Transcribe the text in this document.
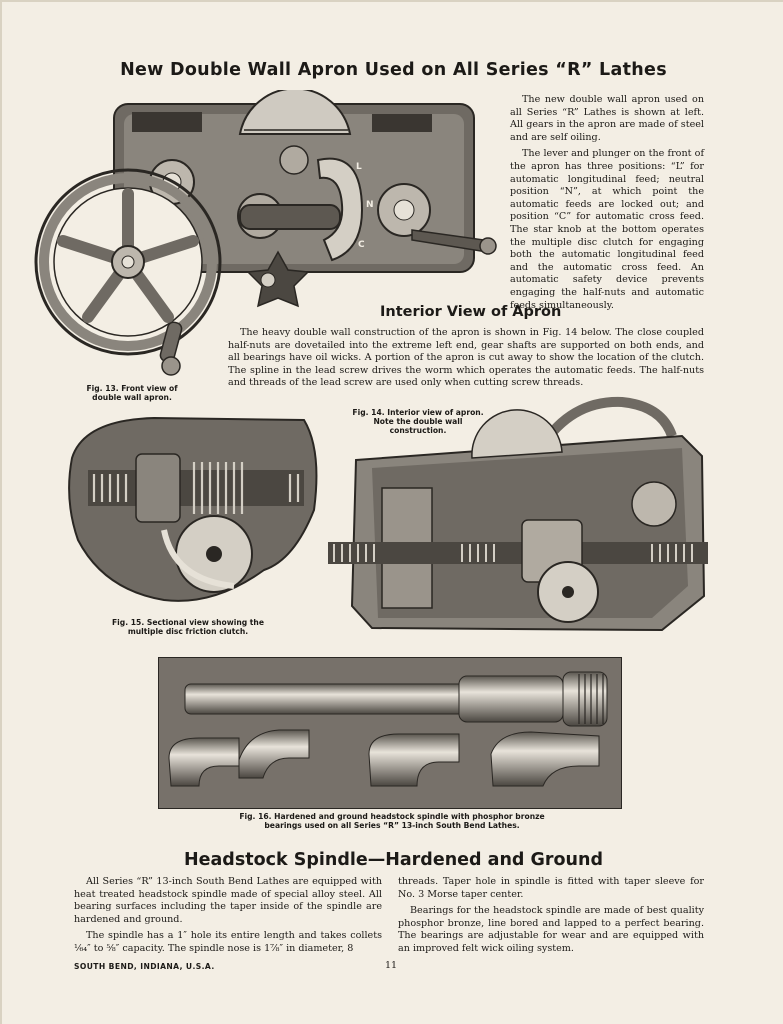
New Double Wall Apron Used on All Series “R” Lathes
L
N
C

The new double wall apron used on all Series “R” Lathes is shown at left. All gears in the apron are made of steel and are self oiling.

The lever and plunger on the front of the apron has three positions: “L” for automatic longitudinal feed; neutral position “N”, at which point the automatic feeds are locked out; and position “C” for automatic cross feed. The star knob at the bottom operates the multiple disc clutch for engaging both the automatic longitudinal feed and the automatic cross feed. An automatic safety device prevents engaging the half-nuts and automatic feeds simultaneously.

Interior View of Apron

The heavy double wall construction of the apron is shown in Fig. 14 below. The close coupled half-nuts are dovetailed into the extreme left end, gear shafts are supported on both ends, and all bearings have oil wicks. A portion of the apron is cut away to show the location of the clutch. The spline in the lead screw drives the worm which operates the automatic feeds. The half-nuts and threads of the lead screw are used only when cutting screw threads.

Fig. 13. Front view of
double wall apron.
Fig. 15. Sectional view showing the
multiple disc friction clutch.
Fig. 14. Interior view of apron.
Note the double wall
construction.
Fig. 16. Hardened and ground headstock spindle with phosphor bronze
bearings used on all Series “R” 13-inch South Bend Lathes.
Headstock Spindle—Hardened and Ground

All Series “R” 13-inch South Bend Lathes are equipped with heat treated headstock spindle made of special alloy steel. All bearing surfaces including the taper inside of the spindle are hardened and ground.

The spindle has a 1″ hole its entire length and takes collets ¹⁄₆₄″ to ⁵⁄₈″ capacity. The spindle nose is 1⅞″ in diameter, 8

threads. Taper hole in spindle is fitted with taper sleeve for No. 3 Morse taper center.

Bearings for the headstock spindle are made of best quality phosphor bronze, line bored and lapped to a perfect bearing. The bearings are adjustable for wear and are equipped with an improved felt wick oiling system.

SOUTH BEND, INDIANA, U.S.A.	11
